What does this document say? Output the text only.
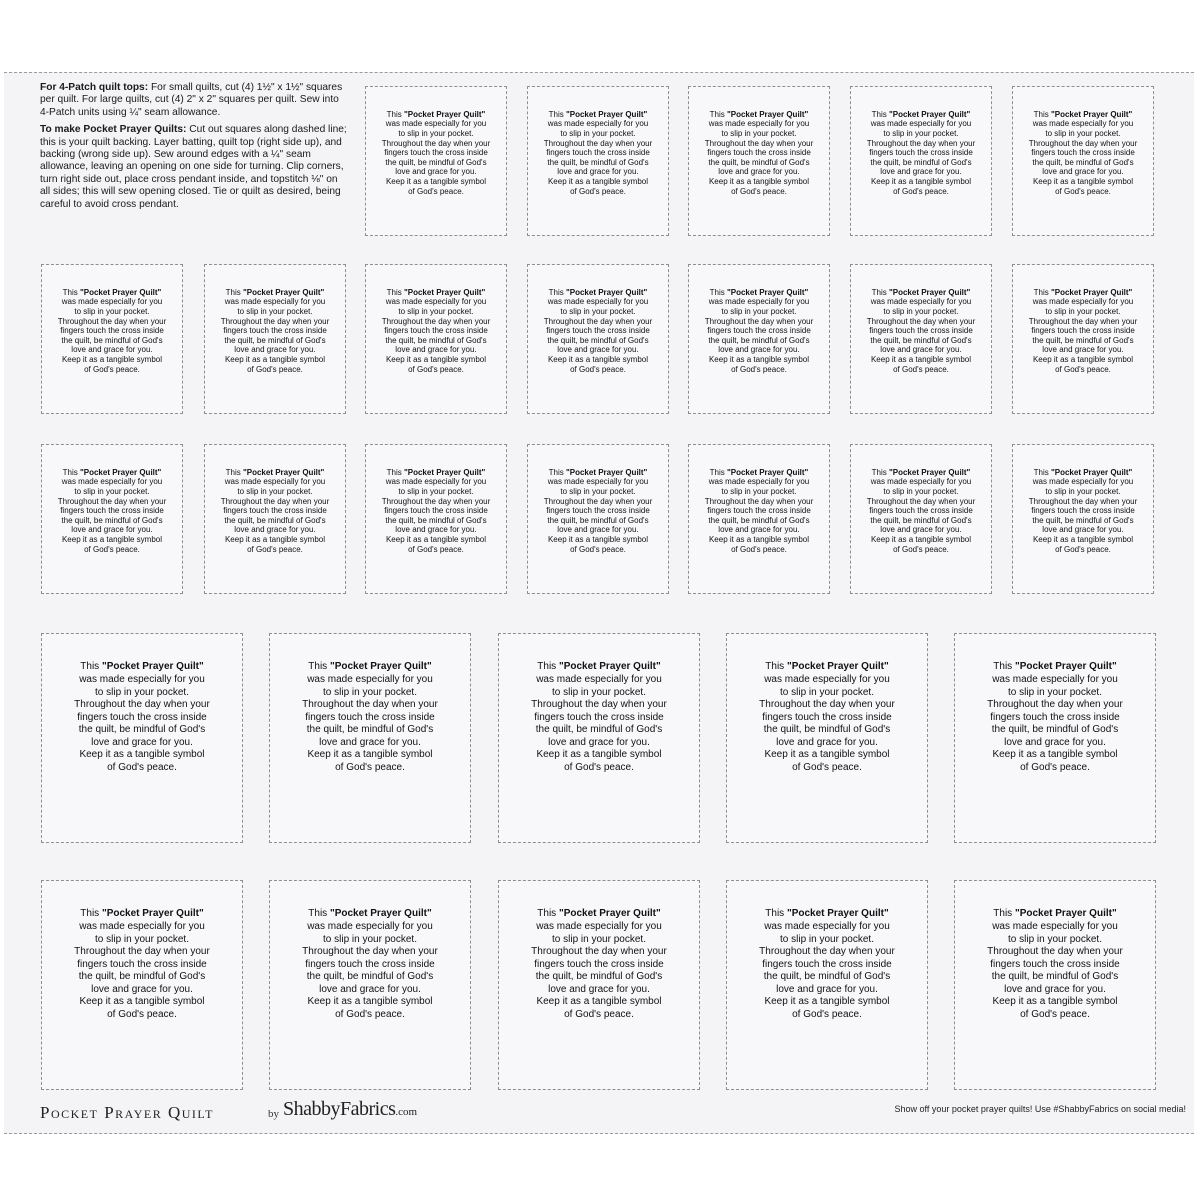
For 4-Patch quilt tops: For small quilts, cut (4) 1½" x 1½" squares per quilt. For large quilts, cut (4) 2" x 2" squares per quilt. Sew into 4-Patch units using ¼" seam allowance.

To make Pocket Prayer Quilts: Cut out squares along dashed line; this is your quilt backing. Layer batting, quilt top (right side up), and backing (wrong side up). Sew around edges with a ¼" seam allowance, leaving an opening on one side for turning. Clip corners, turn right side out, place cross pendant inside, and topstitch ⅛" on all sides; this will sew opening closed. Tie or quilt as desired, being careful to avoid cross pendant.

This "Pocket Prayer Quilt"
was made especially for you
to slip in your pocket.
Throughout the day when your
fingers touch the cross inside
the quilt, be mindful of God's
love and grace for you.
Keep it as a tangible symbol
of God's peace.
This "Pocket Prayer Quilt"
was made especially for you
to slip in your pocket.
Throughout the day when your
fingers touch the cross inside
the quilt, be mindful of God's
love and grace for you.
Keep it as a tangible symbol
of God's peace.
This "Pocket Prayer Quilt"
was made especially for you
to slip in your pocket.
Throughout the day when your
fingers touch the cross inside
the quilt, be mindful of God's
love and grace for you.
Keep it as a tangible symbol
of God's peace.
This "Pocket Prayer Quilt"
was made especially for you
to slip in your pocket.
Throughout the day when your
fingers touch the cross inside
the quilt, be mindful of God's
love and grace for you.
Keep it as a tangible symbol
of God's peace.
This "Pocket Prayer Quilt"
was made especially for you
to slip in your pocket.
Throughout the day when your
fingers touch the cross inside
the quilt, be mindful of God's
love and grace for you.
Keep it as a tangible symbol
of God's peace.
This "Pocket Prayer Quilt"
was made especially for you
to slip in your pocket.
Throughout the day when your
fingers touch the cross inside
the quilt, be mindful of God's
love and grace for you.
Keep it as a tangible symbol
of God's peace.
This "Pocket Prayer Quilt"
was made especially for you
to slip in your pocket.
Throughout the day when your
fingers touch the cross inside
the quilt, be mindful of God's
love and grace for you.
Keep it as a tangible symbol
of God's peace.
This "Pocket Prayer Quilt"
was made especially for you
to slip in your pocket.
Throughout the day when your
fingers touch the cross inside
the quilt, be mindful of God's
love and grace for you.
Keep it as a tangible symbol
of God's peace.
This "Pocket Prayer Quilt"
was made especially for you
to slip in your pocket.
Throughout the day when your
fingers touch the cross inside
the quilt, be mindful of God's
love and grace for you.
Keep it as a tangible symbol
of God's peace.
This "Pocket Prayer Quilt"
was made especially for you
to slip in your pocket.
Throughout the day when your
fingers touch the cross inside
the quilt, be mindful of God's
love and grace for you.
Keep it as a tangible symbol
of God's peace.
This "Pocket Prayer Quilt"
was made especially for you
to slip in your pocket.
Throughout the day when your
fingers touch the cross inside
the quilt, be mindful of God's
love and grace for you.
Keep it as a tangible symbol
of God's peace.
This "Pocket Prayer Quilt"
was made especially for you
to slip in your pocket.
Throughout the day when your
fingers touch the cross inside
the quilt, be mindful of God's
love and grace for you.
Keep it as a tangible symbol
of God's peace.
This "Pocket Prayer Quilt"
was made especially for you
to slip in your pocket.
Throughout the day when your
fingers touch the cross inside
the quilt, be mindful of God's
love and grace for you.
Keep it as a tangible symbol
of God's peace.
This "Pocket Prayer Quilt"
was made especially for you
to slip in your pocket.
Throughout the day when your
fingers touch the cross inside
the quilt, be mindful of God's
love and grace for you.
Keep it as a tangible symbol
of God's peace.
This "Pocket Prayer Quilt"
was made especially for you
to slip in your pocket.
Throughout the day when your
fingers touch the cross inside
the quilt, be mindful of God's
love and grace for you.
Keep it as a tangible symbol
of God's peace.
This "Pocket Prayer Quilt"
was made especially for you
to slip in your pocket.
Throughout the day when your
fingers touch the cross inside
the quilt, be mindful of God's
love and grace for you.
Keep it as a tangible symbol
of God's peace.
This "Pocket Prayer Quilt"
was made especially for you
to slip in your pocket.
Throughout the day when your
fingers touch the cross inside
the quilt, be mindful of God's
love and grace for you.
Keep it as a tangible symbol
of God's peace.
This "Pocket Prayer Quilt"
was made especially for you
to slip in your pocket.
Throughout the day when your
fingers touch the cross inside
the quilt, be mindful of God's
love and grace for you.
Keep it as a tangible symbol
of God's peace.
This "Pocket Prayer Quilt"
was made especially for you
to slip in your pocket.
Throughout the day when your
fingers touch the cross inside
the quilt, be mindful of God's
love and grace for you.
Keep it as a tangible symbol
of God's peace.
This "Pocket Prayer Quilt"
was made especially for you
to slip in your pocket.
Throughout the day when your
fingers touch the cross inside
the quilt, be mindful of God's
love and grace for you.
Keep it as a tangible symbol
of God's peace.
This "Pocket Prayer Quilt"
was made especially for you
to slip in your pocket.
Throughout the day when your
fingers touch the cross inside
the quilt, be mindful of God's
love and grace for you.
Keep it as a tangible symbol
of God's peace.
This "Pocket Prayer Quilt"
was made especially for you
to slip in your pocket.
Throughout the day when your
fingers touch the cross inside
the quilt, be mindful of God's
love and grace for you.
Keep it as a tangible symbol
of God's peace.
This "Pocket Prayer Quilt"
was made especially for you
to slip in your pocket.
Throughout the day when your
fingers touch the cross inside
the quilt, be mindful of God's
love and grace for you.
Keep it as a tangible symbol
of God's peace.
This "Pocket Prayer Quilt"
was made especially for you
to slip in your pocket.
Throughout the day when your
fingers touch the cross inside
the quilt, be mindful of God's
love and grace for you.
Keep it as a tangible symbol
of God's peace.
This "Pocket Prayer Quilt"
was made especially for you
to slip in your pocket.
Throughout the day when your
fingers touch the cross inside
the quilt, be mindful of God's
love and grace for you.
Keep it as a tangible symbol
of God's peace.
This "Pocket Prayer Quilt"
was made especially for you
to slip in your pocket.
Throughout the day when your
fingers touch the cross inside
the quilt, be mindful of God's
love and grace for you.
Keep it as a tangible symbol
of God's peace.
This "Pocket Prayer Quilt"
was made especially for you
to slip in your pocket.
Throughout the day when your
fingers touch the cross inside
the quilt, be mindful of God's
love and grace for you.
Keep it as a tangible symbol
of God's peace.
This "Pocket Prayer Quilt"
was made especially for you
to slip in your pocket.
Throughout the day when your
fingers touch the cross inside
the quilt, be mindful of God's
love and grace for you.
Keep it as a tangible symbol
of God's peace.
This "Pocket Prayer Quilt"
was made especially for you
to slip in your pocket.
Throughout the day when your
fingers touch the cross inside
the quilt, be mindful of God's
love and grace for you.
Keep it as a tangible symbol
of God's peace.
Pocket Prayer Quilt	by ShabbyFabrics.com	Show off your pocket prayer quilts! Use #ShabbyFabrics on social media!
